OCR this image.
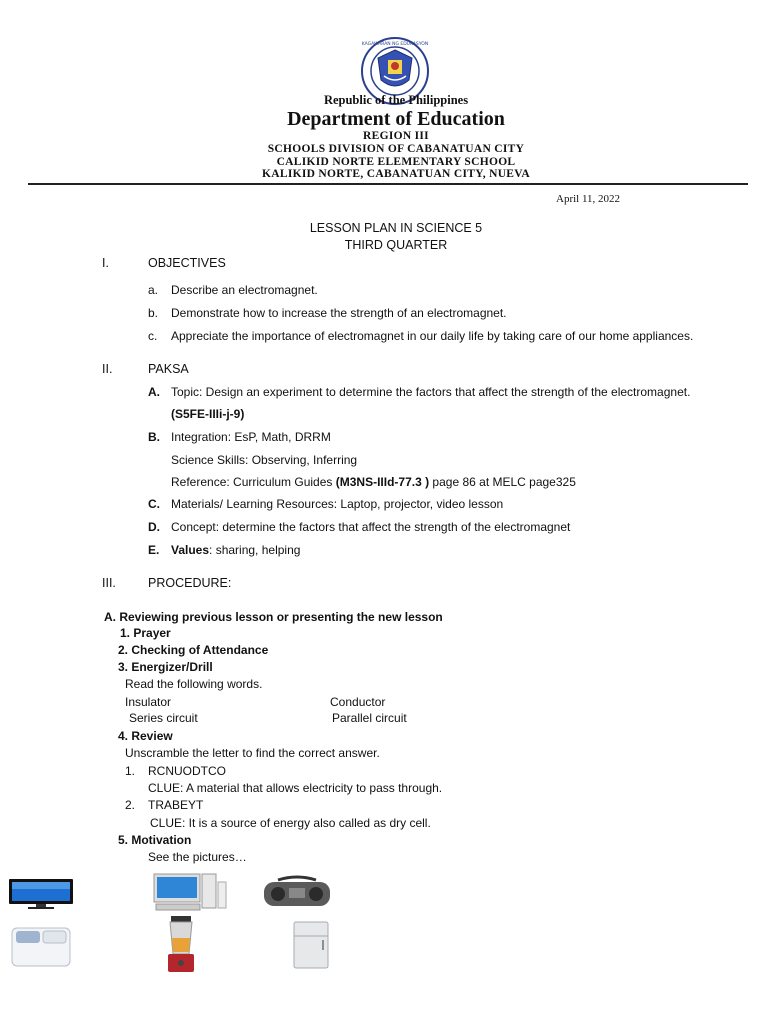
KAGAWARAN NG EDUKASYON
Republic of the Philippines
Department of Education
REGION III
SCHOOLS DIVISION OF CABANATUAN CITY
CALIKID NORTE ELEMENTARY SCHOOL
KALIKID NORTE, CABANATUAN CITY, NUEVA
April 11, 2022
LESSON PLAN IN SCIENCE 5
THIRD QUARTER
I.	OBJECTIVES
a. Describe an electromagnet.
b. Demonstrate how to increase the strength of an electromagnet.
c. Appreciate the importance of electromagnet in our daily life by taking care of our home appliances.
II.	PAKSA
A. Topic: Design an experiment to determine the factors that affect the strength of the electromagnet.
(S5FE-IIIi-j-9)
B. Integration: EsP, Math, DRRM
Science Skills: Observing, Inferring
Reference: Curriculum Guides (M3NS-IIId-77.3 ) page 86 at MELC page325
C. Materials/ Learning Resources: Laptop, projector, video lesson
D. Concept: determine the factors that affect the strength of the electromagnet
E. Values: sharing, helping
III.	PROCEDURE:
A. Reviewing previous lesson or presenting the new lesson
1. Prayer
2. Checking of Attendance
3. Energizer/Drill
Read the following words.
Insulator	Conductor
Series circuit	Parallel circuit
4. Review
Unscramble the letter to find the correct answer.
1. RCNUODTCO
CLUE: A material that allows electricity to pass through.
2. TRABEYT
CLUE: It is a source of energy also called as dry cell.
5. Motivation
See the pictures…
